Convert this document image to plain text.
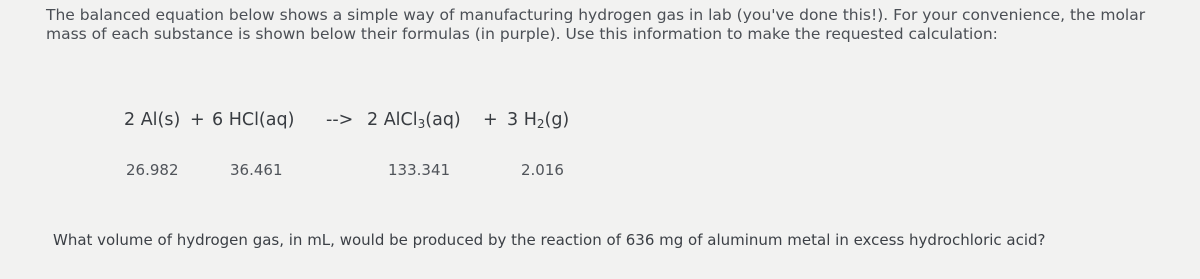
The balanced equation below shows a simple way of manufacturing hydrogen gas in lab (you've done this!). For your convenience, the molar
mass of each substance is shown below their formulas (in purple). Use this information to make the requested calculation:
2 Al(s) + 6 HCl(aq) --> 2 AlCl$_3$(aq) + 3 $H_2(g)$
26.982	36.461	133.341	2.016
What volume of hydrogen gas, in mL, would be produced by the reaction of 636 mg of aluminum metal in excess hydrochloric acid?
